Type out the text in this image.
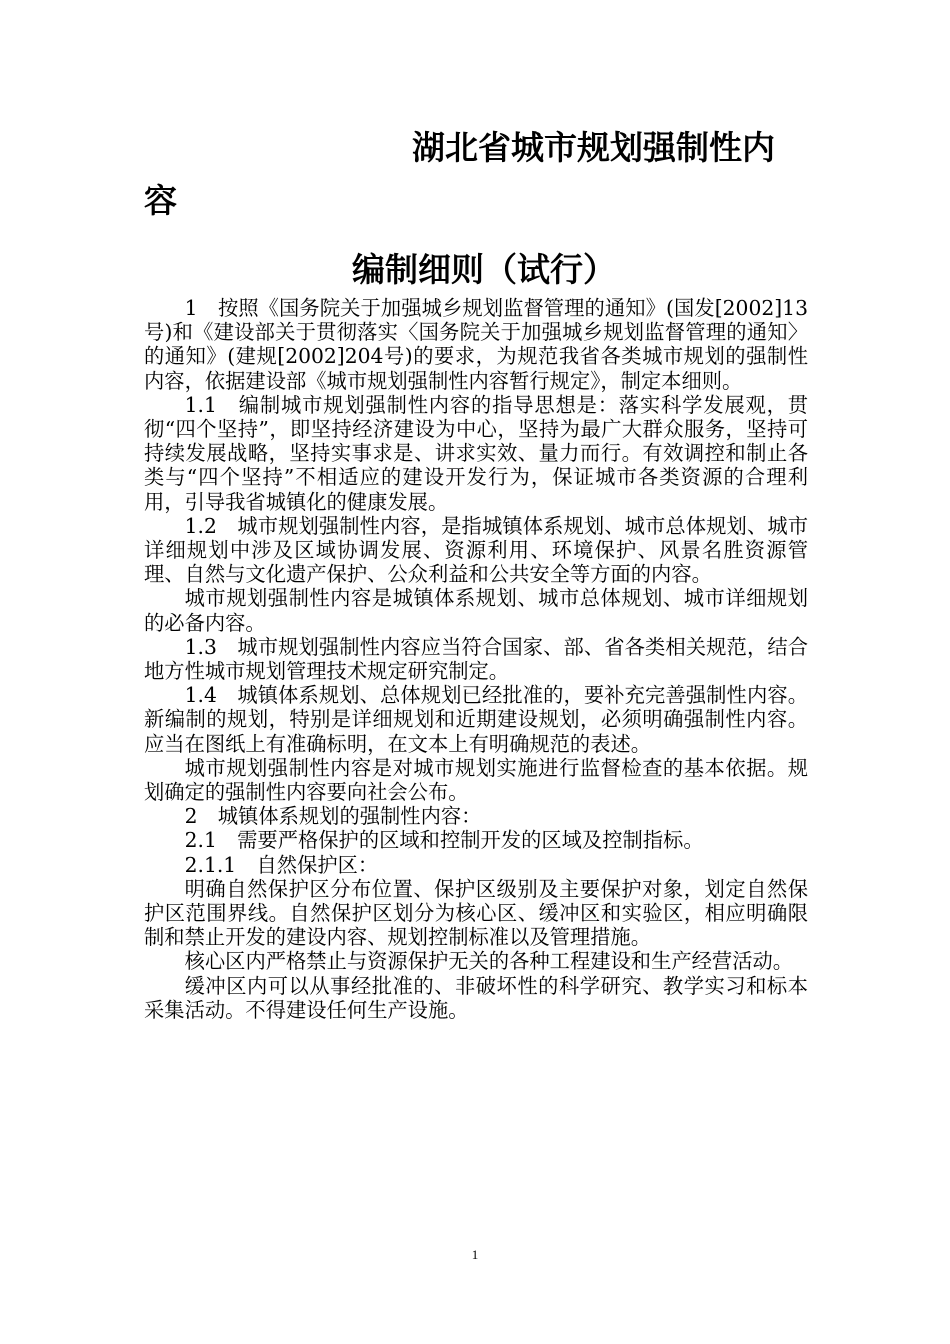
湖北省城市规划强制性内
容
编制细则（试行）

1　按照《国务院关于加强城乡规划监督管理的通知》(国发[2002]13号)和《建设部关于贯彻落实〈国务院关于加强城乡规划监督管理的通知〉的通知》(建规[2002]204号)的要求，为规范我省各类城市规划的强制性内容，依据建设部《城市规划强制性内容暂行规定》，制定本细则。

1.1　编制城市规划强制性内容的指导思想是：落实科学发展观，贯彻“四个坚持”，即坚持经济建设为中心，坚持为最广大群众服务，坚持可持续发展战略，坚持实事求是、讲求实效、量力而行。有效调控和制止各类与“四个坚持”不相适应的建设开发行为，保证城市各类资源的合理利用，引导我省城镇化的健康发展。

1.2　城市规划强制性内容，是指城镇体系规划、城市总体规划、城市详细规划中涉及区域协调发展、资源利用、环境保护、风景名胜资源管理、自然与文化遗产保护、公众利益和公共安全等方面的内容。

城市规划强制性内容是城镇体系规划、城市总体规划、城市详细规划的必备内容。

1.3　城市规划强制性内容应当符合国家、部、省各类相关规范，结合地方性城市规划管理技术规定研究制定。

1.4　城镇体系规划、总体规划已经批准的，要补充完善强制性内容。新编制的规划，特别是详细规划和近期建设规划，必须明确强制性内容。应当在图纸上有准确标明，在文本上有明确规范的表述。

城市规划强制性内容是对城市规划实施进行监督检查的基本依据。规划确定的强制性内容要向社会公布。

2　城镇体系规划的强制性内容：

2.1　需要严格保护的区域和控制开发的区域及控制指标。

2.1.1　自然保护区：

明确自然保护区分布位置、保护区级别及主要保护对象，划定自然保护区范围界线。自然保护区划分为核心区、缓冲区和实验区，相应明确限制和禁止开发的建设内容、规划控制标准以及管理措施。

核心区内严格禁止与资源保护无关的各种工程建设和生产经营活动。

缓冲区内可以从事经批准的、非破坏性的科学研究、教学实习和标本采集活动。不得建设任何生产设施。

1
